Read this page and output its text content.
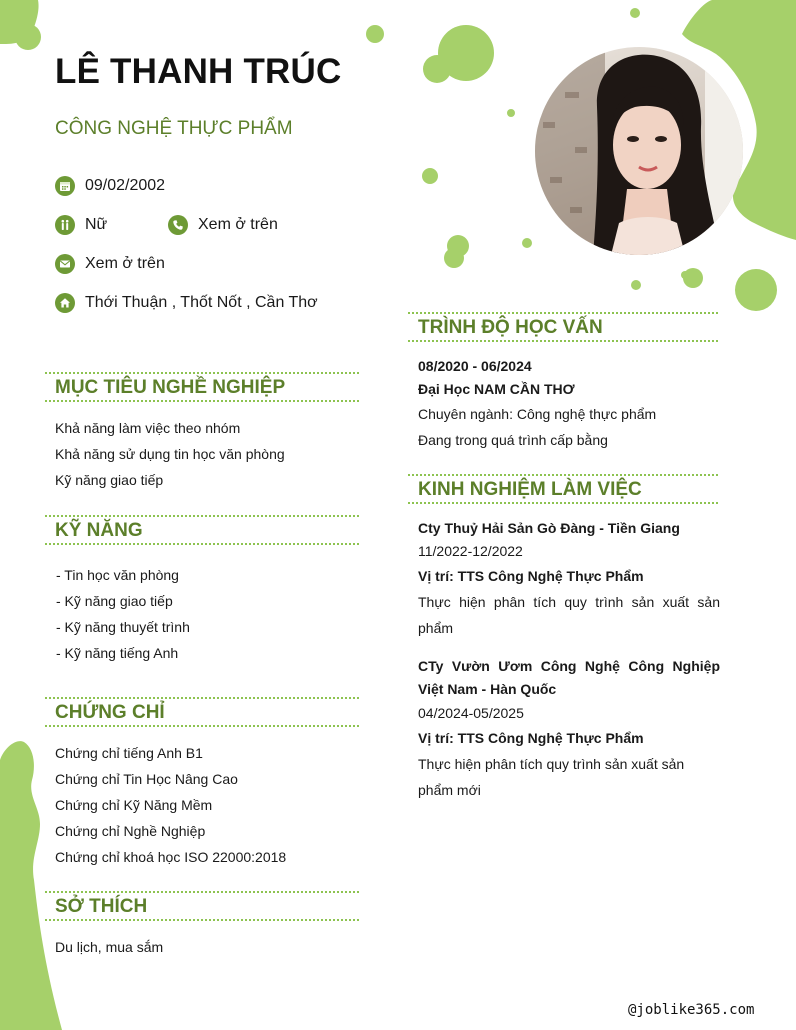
LÊ THANH TRÚC
CÔNG NGHỆ THỰC PHẨM
09/02/2002
Nữ	Xem ở trên
Xem ở trên
Thới Thuận , Thốt Nốt , Cần Thơ
MỤC TIÊU NGHỀ NGHIỆP
Khả năng làm việc theo nhóm
Khả năng sử dụng tin học văn phòng
Kỹ năng giao tiếp
KỸ NĂNG
- Tin học văn phòng
- Kỹ năng giao tiếp
- Kỹ năng thuyết trình
- Kỹ năng tiếng Anh
CHỨNG CHỈ
Chứng chỉ tiếng Anh B1
Chứng chỉ Tin Học Nâng Cao
Chứng chỉ Kỹ Năng Mềm
Chứng chỉ Nghề Nghiệp
Chứng chỉ khoá học ISO 22000:2018
SỞ THÍCH
Du lịch, mua sắm
TRÌNH ĐỘ HỌC VẤN
08/2020 - 06/2024
Đại Học NAM CẦN THƠ
Chuyên ngành: Công nghệ thực phẩm
Đang trong quá trình cấp bằng
KINH NGHIỆM LÀM VIỆC
Cty Thuỷ Hải Sản Gò Đàng - Tiền Giang
11/2022-12/2022
Vị trí: TTS Công Nghệ Thực Phẩm
Thực hiện phân tích quy trình sản xuất sản phẩm
CTy Vườn Ươm Công Nghệ Công Nghiệp Việt Nam - Hàn Quốc
04/2024-05/2025
Vị trí: TTS Công Nghệ Thực Phẩm
Thực hiện phân tích quy trình sản xuất sản phẩm mới
@joblike365.com
